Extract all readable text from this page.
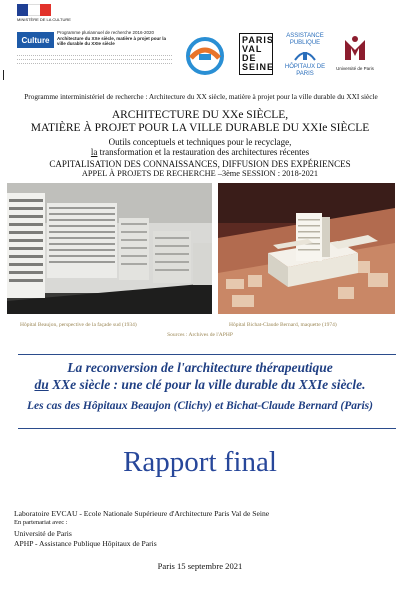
MINISTÈRE DE LA CULTURE
Culture
Programme pluriannuel de recherche 2016-2020
Architecture du XXe siècle, matière à projet pour la ville durable du XXIe siècle	PARIS VAL DE SEINE
ASSISTANCE PUBLIQUE
HÔPITAUX DE PARIS
Université de Paris
Programme interministériel de recherche : Architecture du XX siècle, matière à projet pour la ville durable du XXI siècle
ARCHITECTURE DU XXe SIÈCLE,
MATIÈRE À PROJET POUR LA VILLE DURABLE DU XXIe SIÈCLE
Outils conceptuels et techniques pour le recyclage,
la transformation et la restauration des architectures récentes
CAPITALISATION DES CONNAISSANCES, DIFFUSION DES EXPÉRIENCES
APPEL À PROJETS DE RECHERCHE –3ème SESSION : 2018-2021
Hôpital Beaujon, perspective de la façade sud (1934)	Hôpital Bichat-Claude Bernard, maquette (1974)
Sources : Archives de l'APHP
La reconversion de l'architecture thérapeutique
du XXe siècle : une clé pour la ville durable du XXIe siècle.
Les cas des Hôpitaux Beaujon (Clichy) et Bichat-Claude Bernard (Paris)
Rapport final
Laboratoire EVCAU - Ecole Nationale Supérieure d'Architecture Paris Val de Seine
En partenariat avec :
Université de Paris
APHP - Assistance Publique Hôpitaux de Paris
Paris 15 septembre 2021
